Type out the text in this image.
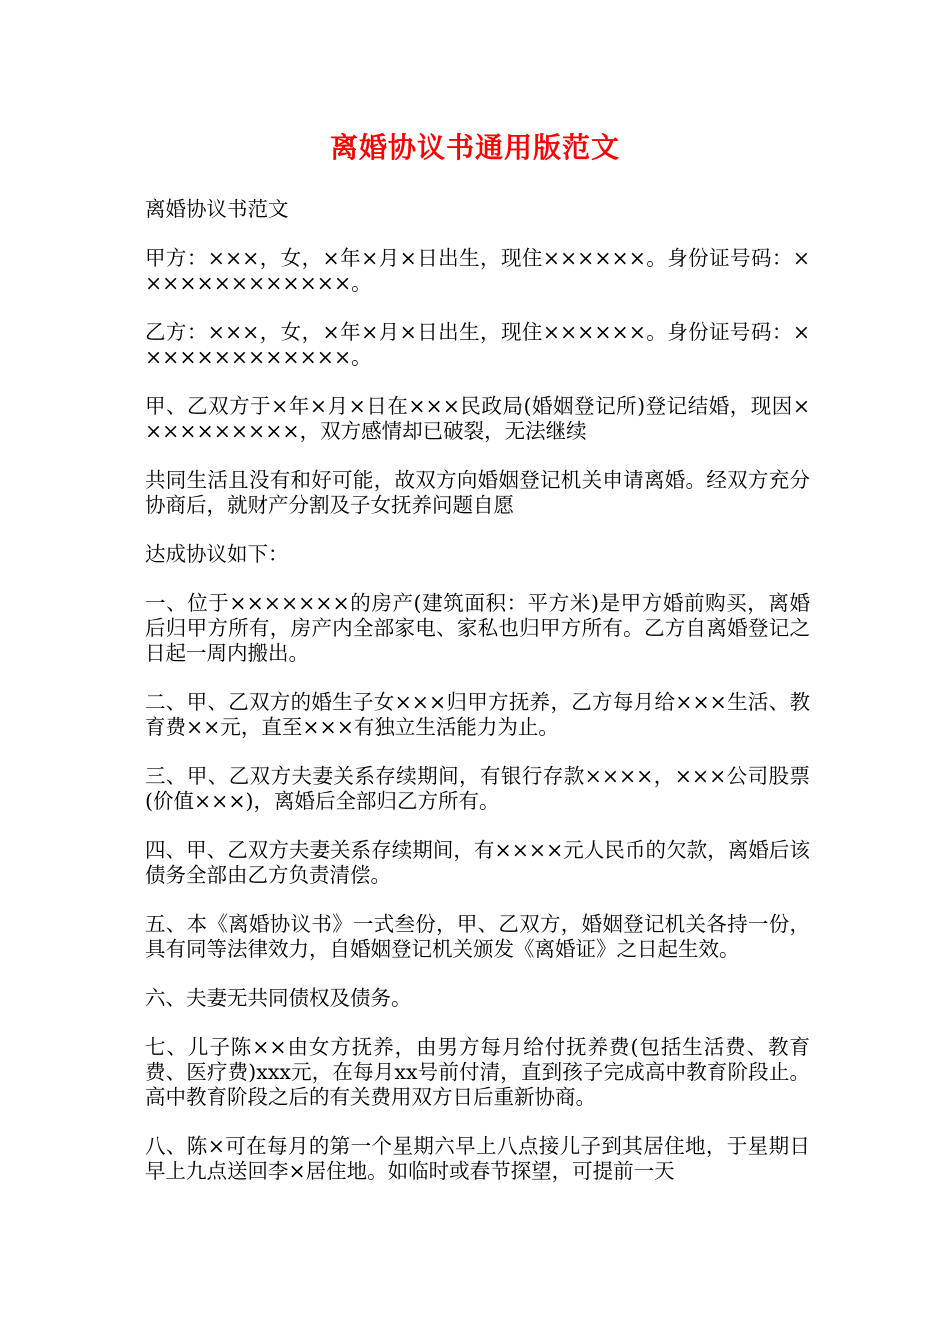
离婚协议书通用版范文

离婚协议书范文

甲方：×××，女，×年×月×日出生，现住××××××。身份证号码：×××××××××××××。

乙方：×××，女，×年×月×日出生，现住××××××。身份证号码：×××××××××××××。

甲、乙双方于×年×月×日在×××民政局(婚姻登记所)登记结婚，现因××××××××××，双方感情却已破裂，无法继续

共同生活且没有和好可能，故双方向婚姻登记机关申请离婚。经双方充分协商后，就财产分割及子女抚养问题自愿

达成协议如下：

一、位于×××××××的房产(建筑面积：平方米)是甲方婚前购买，离婚后归甲方所有，房产内全部家电、家私也归甲方所有。乙方自离婚登记之日起一周内搬出。

二、甲、乙双方的婚生子女×××归甲方抚养，乙方每月给×××生活、教育费××元，直至×××有独立生活能力为止。

三、甲、乙双方夫妻关系存续期间，有银行存款××××，×××公司股票(价值×××)，离婚后全部归乙方所有。

四、甲、乙双方夫妻关系存续期间，有××××元人民币的欠款，离婚后该债务全部由乙方负责清偿。

五、本《离婚协议书》一式叁份，甲、乙双方，婚姻登记机关各持一份，具有同等法律效力，自婚姻登记机关颁发《离婚证》之日起生效。

六、夫妻无共同债权及债务。

七、儿子陈××由女方抚养，由男方每月给付抚养费(包括生活费、教育费、医疗费)xxx元，在每月xx号前付清，直到孩子完成高中教育阶段止。高中教育阶段之后的有关费用双方日后重新协商。

八、陈×可在每月的第一个星期六早上八点接儿子到其居住地，于星期日早上九点送回李×居住地。如临时或春节探望，可提前一天
